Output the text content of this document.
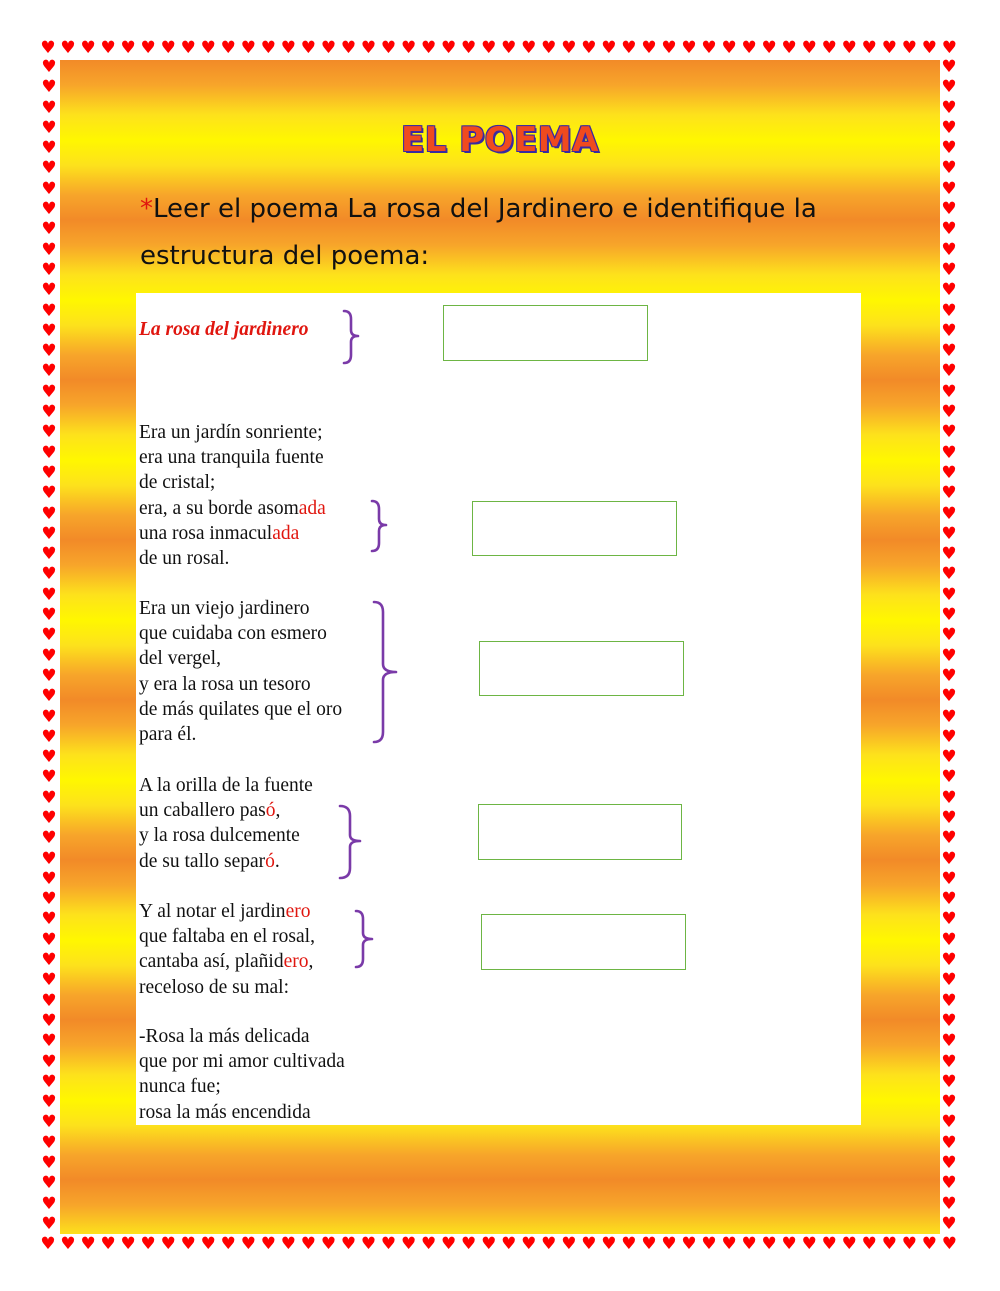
♥ ♥ ♥ ♥ ♥ ♥ ♥ ♥ ♥ ♥ ♥ ♥ ♥ ♥ ♥ ♥ ♥ ♥ ♥ ♥ ♥ ♥ ♥ ♥ ♥ ♥ ♥ ♥ ♥ ♥ ♥ ♥ ♥ ♥ ♥ ♥ ♥ ♥ ♥ ♥ ♥ ♥ ♥ ♥ ♥ ♥
♥ ♥ ♥ ♥ ♥ ♥ ♥ ♥ ♥ ♥ ♥ ♥ ♥ ♥ ♥ ♥ ♥ ♥ ♥ ♥ ♥ ♥ ♥ ♥ ♥ ♥ ♥ ♥ ♥ ♥ ♥ ♥ ♥ ♥ ♥ ♥ ♥ ♥ ♥ ♥ ♥ ♥ ♥ ♥ ♥ ♥
♥
♥
♥
♥
♥
♥
♥
♥
♥
♥
♥
♥
♥
♥
♥
♥
♥
♥
♥
♥
♥
♥
♥
♥
♥
♥
♥
♥
♥
♥
♥
♥
♥
♥
♥
♥
♥
♥
♥
♥
♥
♥
♥
♥
♥
♥
♥
♥
♥
♥
♥
♥
♥
♥
♥
♥
♥
♥
♥
♥
♥
♥
♥
♥
♥
♥
♥
♥
♥
♥
♥
♥
♥
♥
♥
♥
♥
♥
♥
♥
♥
♥
♥
♥
♥
♥
♥
♥
♥
♥
♥
♥
♥
♥
♥
♥
♥
♥
♥
♥
♥
♥
♥
♥
♥
♥
♥
♥
♥
♥
♥
♥
♥
♥
♥
♥
EL POEMA
*Leer el poema La rosa del Jardinero e identifique la estructura del poema:
La rosa del jardinero
Era un jardín sonriente;
era una tranquila fuente
de cristal;
era, a su borde asomada
una rosa inmaculada
de un rosal.
Era un viejo jardinero
que cuidaba con esmero
del vergel,
y era la rosa un tesoro
de más quilates que el oro
para él.
A la orilla de la fuente
un caballero pasó,
y la rosa dulcemente
de su tallo separó.
Y al notar el jardinero
que faltaba en el rosal,
cantaba así, plañidero,
receloso de su mal:
-Rosa la más delicada
que por mi amor cultivada
nunca fue;
rosa la más encendida
